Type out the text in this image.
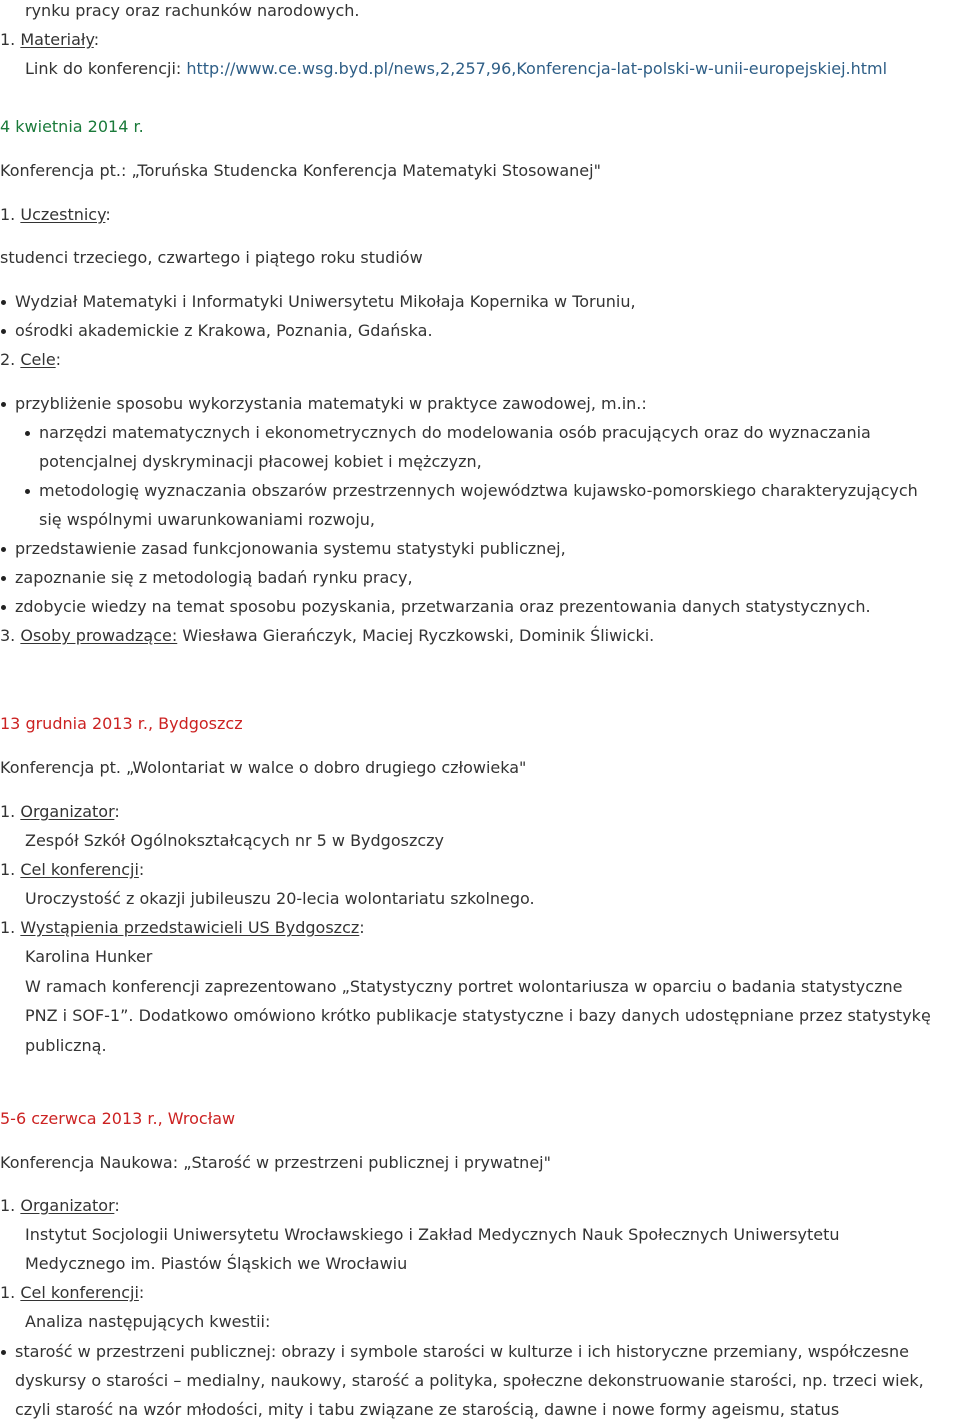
rynku pracy oraz rachunków narodowych.
1. Materiały:
Link do konferencji: http://www.ce.wsg.byd.pl/news,2,257,96,Konferencja-lat-polski-w-unii-europejskiej.html
4 kwietnia 2014 r.
Konferencja pt.: „Toruńska Studencka Konferencja Matematyki Stosowanej"
1. Uczestnicy:
studenci trzeciego, czwartego i piątego roku studiów
Wydział Matematyki i Informatyki Uniwersytetu Mikołaja Kopernika w Toruniu,
ośrodki akademickie z Krakowa, Poznania, Gdańska.
2. Cele:
przybliżenie sposobu wykorzystania matematyki w praktyce zawodowej, m.in.:
narzędzi matematycznych i ekonometrycznych do modelowania osób pracujących oraz do wyznaczania
potencjalnej dyskryminacji płacowej kobiet i mężczyzn,
metodologię wyznaczania obszarów przestrzennych województwa kujawsko-pomorskiego charakteryzujących
się wspólnymi uwarunkowaniami rozwoju,
przedstawienie zasad funkcjonowania systemu statystyki publicznej,
zapoznanie się z metodologią badań rynku pracy,
zdobycie wiedzy na temat sposobu pozyskania, przetwarzania oraz prezentowania danych statystycznych.
3. Osoby prowadzące: Wiesława Gierańczyk, Maciej Ryczkowski, Dominik Śliwicki.
13 grudnia 2013 r., Bydgoszcz
Konferencja pt. „Wolontariat w walce o dobro drugiego człowieka"
1. Organizator:
Zespół Szkół Ogólnokształcących nr 5 w Bydgoszczy
1. Cel konferencji:
Uroczystość z okazji jubileuszu 20-lecia wolontariatu szkolnego.
1. Wystąpienia przedstawicieli US Bydgoszcz:
Karolina Hunker
W ramach konferencji zaprezentowano „Statystyczny portret wolontariusza w oparciu o badania statystyczne
PNZ i SOF-1”. Dodatkowo omówiono krótko publikacje statystyczne i bazy danych udostępniane przez statystykę
publiczną.
5-6 czerwca 2013 r., Wrocław
Konferencja Naukowa: „Starość w przestrzeni publicznej i prywatnej"
1. Organizator:
Instytut Socjologii Uniwersytetu Wrocławskiego i Zakład Medycznych Nauk Społecznych Uniwersytetu
Medycznego im. Piastów Śląskich we Wrocławiu
1. Cel konferencji:
Analiza następujących kwestii:
starość w przestrzeni publicznej: obrazy i symbole starości w kulturze i ich historyczne przemiany, współczesne
dyskursy o starości – medialny, naukowy, starość a polityka, społeczne dekonstruowanie starości, np. trzeci wiek,
czyli starość na wzór młodości, mity i tabu związane ze starością, dawne i nowe formy ageismu, status
